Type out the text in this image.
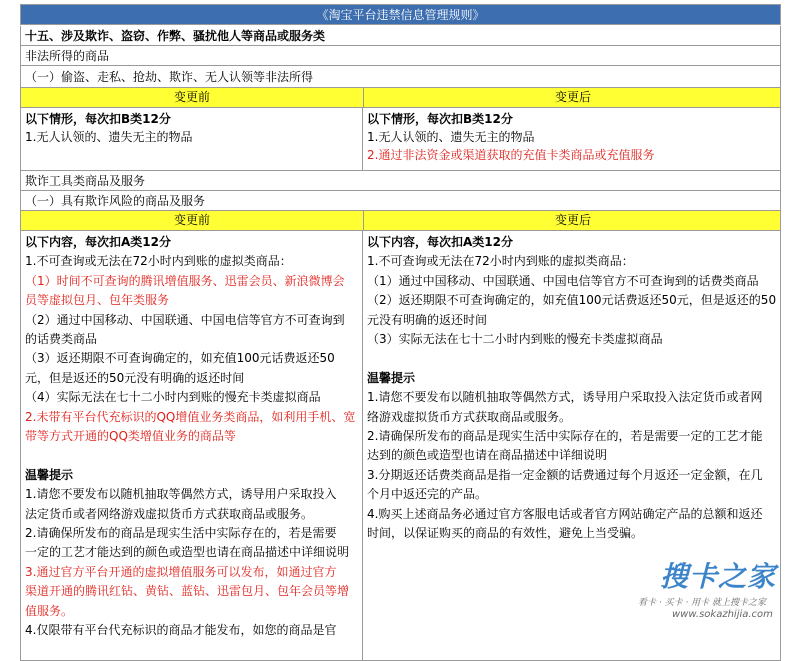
《淘宝平台违禁信息管理规则》
十五、涉及欺诈、盗窃、作弊、骚扰他人等商品或服务类
非法所得的商品
（一）偷盗、走私、抢劫、欺诈、无人认领等非法所得
变更前	变更后
以下情形，每次扣B类12分
1.无人认领的、遗失无主的物品
以下情形，每次扣B类12分
1.无人认领的、遗失无主的物品
2.通过非法资金或渠道获取的充值卡类商品或充值服务
欺诈工具类商品及服务
（一）具有欺诈风险的商品及服务
变更前	变更后
以下内容，每次扣A类12分
1.不可查询或无法在72小时内到账的虚拟类商品：
（1）时间不可查询的腾讯增值服务、迅雷会员、新浪微博会
员等虚拟包月、包年类服务
（2）通过中国移动、中国联通、中国电信等官方不可查询到
的话费类商品
（3）返还期限不可查询确定的，如充值100元话费返还50
元，但是返还的50元没有明确的返还时间
（4）实际无法在七十二小时内到账的慢充卡类虚拟商品
2.未带有平台代充标识的QQ增值业务类商品，如利用手机、宽
带等方式开通的QQ类增值业务的商品等
温馨提示
1.请您不要发布以随机抽取等偶然方式，诱导用户采取投入
法定货币或者网络游戏虚拟货币方式获取商品或服务。
2.请确保所发布的商品是现实生活中实际存在的，若是需要
一定的工艺才能达到的颜色或造型也请在商品描述中详细说明
3.通过官方平台开通的虚拟增值服务可以发布，如通过官方
渠道开通的腾讯红钻、黄钻、蓝钻、迅雷包月、包年会员等增
值服务。
4.仅限带有平台代充标识的商品才能发布，如您的商品是官
以下内容，每次扣A类12分
1.不可查询或无法在72小时内到账的虚拟类商品：
（1）通过中国移动、中国联通、中国电信等官方不可查询到的话费类商品
（2）返还期限不可查询确定的，如充值100元话费返还50元，但是返还的50
元没有明确的返还时间
（3）实际无法在七十二小时内到账的慢充卡类虚拟商品
温馨提示
1.请您不要发布以随机抽取等偶然方式，诱导用户采取投入法定货币或者网
络游戏虚拟货币方式获取商品或服务。
2.请确保所发布的商品是现实生活中实际存在的，若是需要一定的工艺才能
达到的颜色或造型也请在商品描述中详细说明
3.分期返还话费类商品是指一定金额的话费通过每个月返还一定金额，在几
个月中返还完的产品。
4.购买上述商品务必通过官方客服电话或者官方网站确定产品的总额和返还
时间，以保证购买的商品的有效性，避免上当受骗。
搜卡之家
看卡 · 买卡 · 用卡 就上搜卡之家
www.sokazhijia.com
